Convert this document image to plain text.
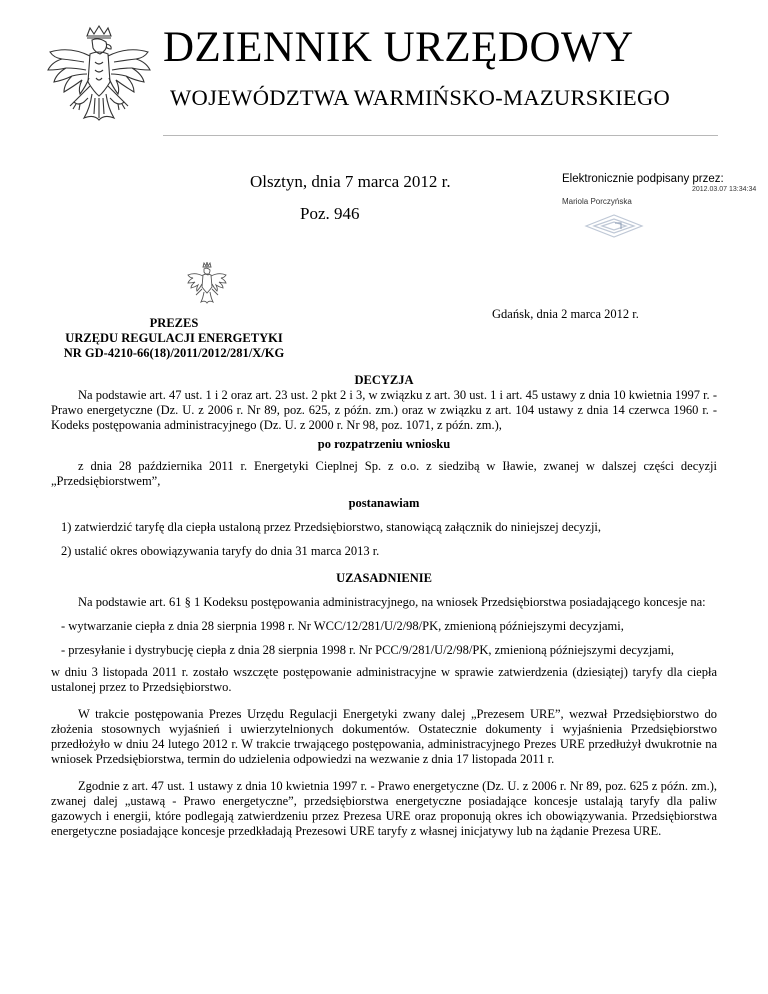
DZIENNIK URZĘDOWY
WOJEWÓDZTWA WARMIŃSKO-MAZURSKIEGO
Olsztyn, dnia 7 marca 2012 r.
Poz. 946
Elektronicznie podpisany przez:
2012.03.07 13:34:34
Mariola Porczyńska
Gdańsk, dnia 2 marca 2012 r.
PREZES
URZĘDU REGULACJI ENERGETYKI
NR GD-4210-66(18)/2011/2012/281/X/KG

DECYZJA

Na podstawie art. 47 ust. 1 i 2 oraz art. 23 ust. 2 pkt 2 i 3, w związku z art. 30 ust. 1 i art. 45 ustawy z dnia 10 kwietnia 1997 r. - Prawo energetyczne (Dz. U. z 2006 r. Nr 89, poz. 625, z późn. zm.) oraz w związku z art. 104 ustawy z dnia 14 czerwca 1960 r. - Kodeks postępowania administracyjnego (Dz. U. z 2000 r. Nr 98, poz. 1071, z późn. zm.),

po rozpatrzeniu wniosku

z dnia 28 października 2011 r. Energetyki Cieplnej Sp. z o.o. z siedzibą w Iławie, zwanej w dalszej części decyzji „Przedsiębiorstwem”,

postanawiam

1) zatwierdzić taryfę dla ciepła ustaloną przez Przedsiębiorstwo, stanowiącą załącznik do niniejszej decyzji,

2) ustalić okres obowiązywania taryfy do dnia 31 marca 2013 r.

UZASADNIENIE

Na podstawie art. 61 § 1 Kodeksu postępowania administracyjnego, na wniosek Przedsiębiorstwa posiadającego koncesje na:

- wytwarzanie ciepła z dnia 28 sierpnia 1998 r. Nr WCC/12/281/U/2/98/PK, zmienioną późniejszymi decyzjami,

- przesyłanie i dystrybucję ciepła z dnia 28 sierpnia 1998 r. Nr PCC/9/281/U/2/98/PK, zmienioną późniejszymi decyzjami,

w dniu 3 listopada 2011 r. zostało wszczęte postępowanie administracyjne w sprawie zatwierdzenia (dziesiątej) taryfy dla ciepła ustalonej przez to Przedsiębiorstwo.

W trakcie postępowania Prezes Urzędu Regulacji Energetyki zwany dalej „Prezesem URE”, wezwał Przedsiębiorstwo do złożenia stosownych wyjaśnień i uwierzytelnionych dokumentów. Ostatecznie dokumenty i wyjaśnienia Przedsiębiorstwo przedłożyło w dniu 24 lutego 2012 r. W trakcie trwającego postępowania, administracyjnego Prezes URE przedłużył dwukrotnie na wniosek Przedsiębiorstwa, termin do udzielenia odpowiedzi na wezwanie z dnia 17 listopada 2011 r.

Zgodnie z art. 47 ust. 1 ustawy z dnia 10 kwietnia 1997 r. - Prawo energetyczne (Dz. U. z 2006 r. Nr 89, poz. 625 z późn. zm.), zwanej dalej „ustawą - Prawo energetyczne”, przedsiębiorstwa energetyczne posiadające koncesje ustalają taryfy dla paliw gazowych i energii, które podlegają zatwierdzeniu przez Prezesa URE oraz proponują okres ich obowiązywania. Przedsiębiorstwa energetyczne posiadające koncesje przedkładają Prezesowi URE taryfy z własnej inicjatywy lub na żądanie Prezesa URE.
